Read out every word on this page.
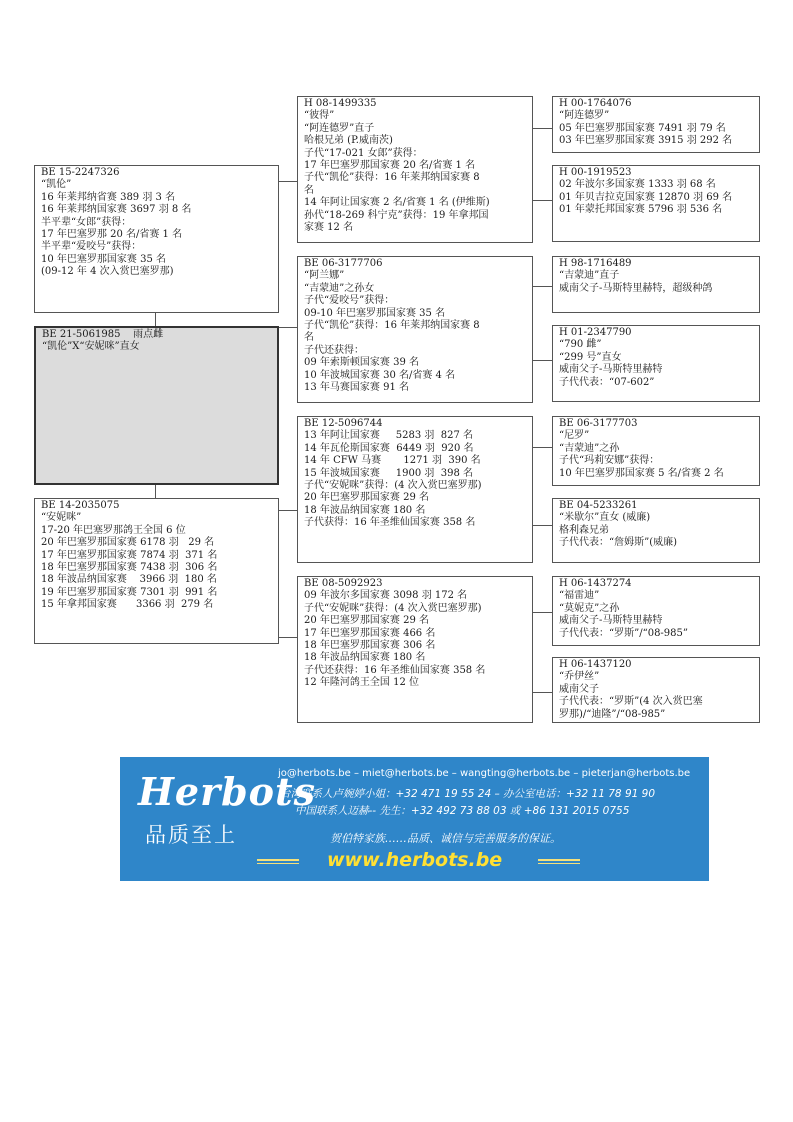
BE 15-2247326
“凯伦”
16 年莱邦纳省赛 389 羽 3 名
16 年莱邦纳国家赛 3697 羽 8 名
半平辈“女郎”获得：
17 年巴塞罗那 20 名/省赛 1 名
半平辈“爱咬号”获得：
10 年巴塞罗那国家赛 35 名
(09-12 年 4 次入赏巴塞罗那)
BE 21-5061985    雨点雌
“凯伦”X“安妮咪”直女
BE 14-2035075
“安妮咪”
17-20 年巴塞罗那鸽王全国 6 位
20 年巴塞罗那国家赛 6178 羽   29 名
17 年巴塞罗那国家赛 7874 羽  371 名
18 年巴塞罗那国家赛 7438 羽  306 名
18 年波品纳国家赛    3966 羽  180 名
19 年巴塞罗那国家赛 7301 羽  991 名
15 年拿邦国家赛      3366 羽  279 名
H 08-1499335
“彼得”
“阿连德罗”直子
哈根兄弟 (P.威南茨)
子代“17-021 女郎”获得：
17 年巴塞罗那国家赛 20 名/省赛 1 名
子代“凯伦”获得：16 年莱邦纳国家赛 8
名
14 年阿让国家赛 2 名/省赛 1 名 (伊维斯)
孙代“18-269 科宁克”获得：19 年拿邦国
家赛 12 名
BE 06-3177706
“阿兰娜”
“吉蒙迪”之孙女
子代“爱咬号”获得：
09-10 年巴塞罗那国家赛 35 名
子代“凯伦”获得：16 年莱邦纳国家赛 8
名
子代还获得：
09 年索斯顿国家赛 39 名
10 年波城国家赛 30 名/省赛 4 名
13 年马赛国家赛 91 名
BE 12-5096744
13 年阿让国家赛     5283 羽  827 名
14 年瓦伦斯国家赛  6449 羽  920 名
14 年 CFW 马赛       1271 羽  390 名
15 年波城国家赛     1900 羽  398 名
子代“安妮咪”获得：(4 次入赏巴塞罗那)
20 年巴塞罗那国家赛 29 名
18 年波品纳国家赛 180 名
子代获得：16 年圣维仙国家赛 358 名
BE 08-5092923
09 年波尔多国家赛 3098 羽 172 名
子代“安妮咪”获得：(4 次入赏巴塞罗那)
20 年巴塞罗那国家赛 29 名
17 年巴塞罗那国家赛 466 名
18 年巴塞罗那国家赛 306 名
18 年波品纳国家赛 180 名
子代还获得：16 年圣维仙国家赛 358 名
12 年隆河鸽王全国 12 位
H 00-1764076
“阿连德罗”
05 年巴塞罗那国家赛 7491 羽 79 名
03 年巴塞罗那国家赛 3915 羽 292 名
H 00-1919523
02 年波尔多国家赛 1333 羽 68 名
01 年贝吉拉克国家赛 12870 羽 69 名
01 年蒙托邦国家赛 5796 羽 536 名
H 98-1716489
“吉蒙迪”直子
威南父子-马斯特里赫特，超级种鸽
H 01-2347790
“790 雌”
“299 号”直女
威南父子-马斯特里赫特
子代代表：“07-602”
BE 06-3177703
“尼罗”
“吉蒙迪”之孙
子代“玛莉安娜”获得：
10 年巴塞罗那国家赛 5 名/省赛 2 名
BE 04-5233261
“米歇尔”直女 (威廉)
格利森兄弟
子代代表：“詹姆斯”(威廉)
H 06-1437274
“福雷迪”
“莫妮克”之孙
威南父子-马斯特里赫特
子代代表：“罗斯”/“08-985”
H 06-1437120
“乔伊丝”
威南父子
子代代表：“罗斯”(4 次入赏巴塞
罗那)/“迪隆”/“08-985”
Herbots
品质至上
jo@herbots.be – miet@herbots.be – wangting@herbots.be – pieterjan@herbots.be
台湾联系人卢婉婷小姐：+32 471 19 55 24 – 办公室电话：+32 11 78 91 90
中国联系人迈赫-- 先生：+32 492 73 88 03 或 +86 131 2015 0755
贺伯特家族……品质、诚信与完善服务的保证。
www.herbots.be
